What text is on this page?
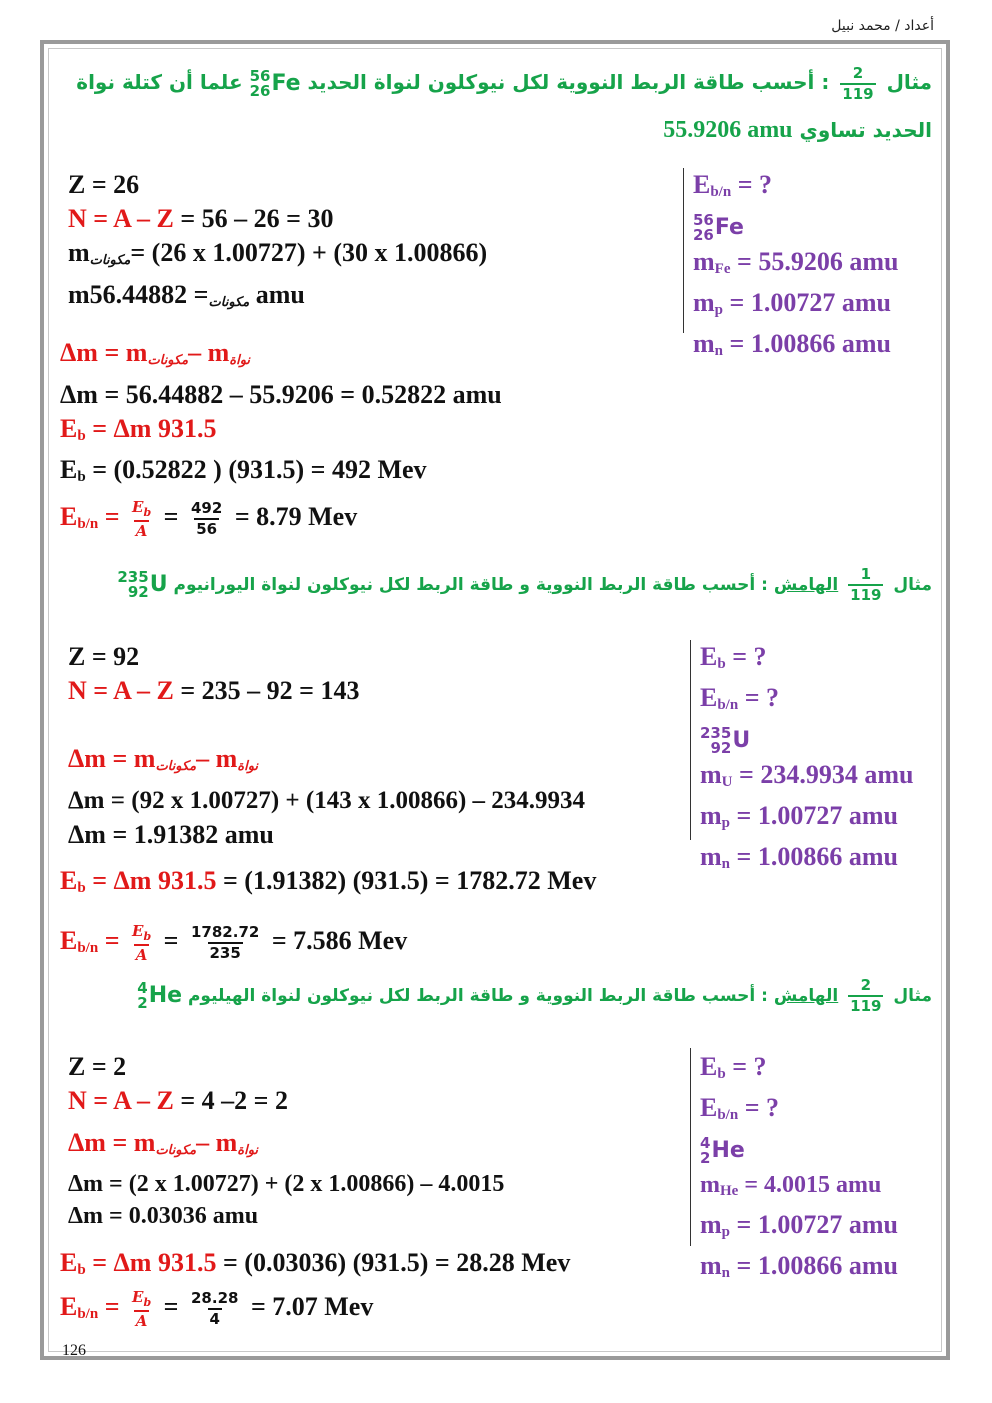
أعداد / محمد نبيل
مثال
$\frac{2}{119}$
: أحسب طاقة الربط النووية لكل نيوكلون لنواة الحديد
56
26 Fe
علما أن كتلة نواة
الحديد تساوي 55.9206 amu
$E_{b/n}$ = ?
56
26 Fe
$m_{Fe} = 55.9206$ amu
$m_p = 1.00727$ amu
$m_n = 1.00866$ amu
Z = 26
N = A – Z = 56 – 26 = 30
mمكونات= (26 x 1.00727) + (30 x 1.00866)
m	مكونات= 56.44882 amu
Δm = mمكونات– mنواة
Δm = 56.44882 – 55.9206 = 0.52822 amu
$E_b = \Delta m$ 931.5
$E_b = (0.52822$ ) (931.5) = 492 Mev
$E_{b/n} = \frac{E_b}{A} = \frac{492}{56} = 8.79$ Mev
مثال
$\frac{1}{119}$
الهامش : أحسب طاقة الربط النووية و طاقة الربط لكل نيوكلون لنواة اليورانيوم
235
92 U
$E_b$ = ?
$E_{b/n}$ = ?
235
92 U
$m_U = 234.9934$ amu
$m_p = 1.00727$ amu
$m_n = 1.00866$ amu
Z = 92
N = A – Z = 235 – 92 = 143
Δm = mمكونات– mنواة
Δm = (92 x 1.00727) + (143 x 1.00866) – 234.9934
Δm = 1.91382 amu
$E_b = \Delta m$ 931.5 = (1.91382) (931.5) = 1782.72 Mev
$E_{b/n} = \frac{E_b}{A} = \frac{1782.72}{235} = 7.586$ Mev
مثال
$\frac{2}{119}$
الهامش : أحسب طاقة الربط النووية و طاقة الربط لكل نيوكلون لنواة الهيليوم
4
2 He
$E_b$ = ?
$E_{b/n}$ = ?
4
2 He
$m_{He} = 4.0015$ amu
$m_p = 1.00727$ amu
$m_n = 1.00866$ amu
Z = 2
N = A – Z = 4 –2 = 2
Δm = mمكونات– mنواة
Δm = (2 x 1.00727) + (2 x 1.00866) – 4.0015
Δm = 0.03036 amu
$E_b = \Delta m$ 931.5 = (0.03036) (931.5) = 28.28 Mev
$E_{b/n} = \frac{E_b}{A} = \frac{28.28}{4} = 7.07$ Mev
126
